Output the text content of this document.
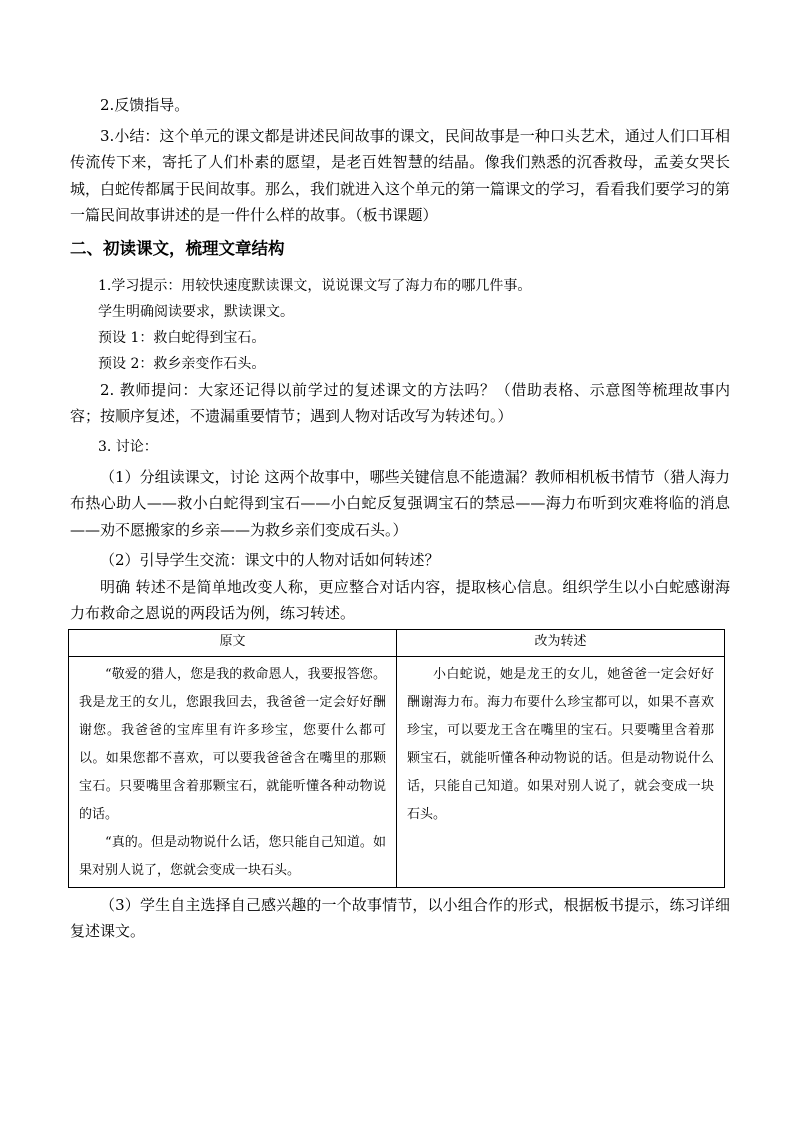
2.反馈指导。

3.小结：这个单元的课文都是讲述民间故事的课文，民间故事是一种口头艺术，通过人们口耳相传流传下来，寄托了人们朴素的愿望，是老百姓智慧的结晶。像我们熟悉的沉香救母，孟姜女哭长城，白蛇传都属于民间故事。那么，我们就进入这个单元的第一篇课文的学习，看看我们要学习的第一篇民间故事讲述的是一件什么样的故事。（板书课题）

二、初读课文，梳理文章结构

1.学习提示：用较快速度默读课文，说说课文写了海力布的哪几件事。

学生明确阅读要求，默读课文。

预设 1：救白蛇得到宝石。

预设 2：救乡亲变作石头。

2. 教师提问：大家还记得以前学过的复述课文的方法吗？（借助表格、示意图等梳理故事内容；按顺序复述，不遗漏重要情节；遇到人物对话改写为转述句。）

3. 讨论：

（1）分组读课文，讨论 这两个故事中，哪些关键信息不能遗漏？教师相机板书情节（猎人海力布热心助人——救小白蛇得到宝石——小白蛇反复强调宝石的禁忌——海力布听到灾难将临的消息——劝不愿搬家的乡亲——为救乡亲们变成石头。）

（2）引导学生交流：课文中的人物对话如何转述？

明确 转述不是简单地改变人称，更应整合对话内容，提取核心信息。组织学生以小白蛇感谢海力布救命之恩说的两段话为例，练习转述。

原文	改为转述

“敬爱的猎人，您是我的救命恩人，我要报答您。我是龙王的女儿，您跟我回去，我爸爸一定会好好酬谢您。我爸爸的宝库里有许多珍宝，您要什么都可以。如果您都不喜欢，可以要我爸爸含在嘴里的那颗宝石。只要嘴里含着那颗宝石，就能听懂各种动物说的话。

“真的。但是动物说什么话，您只能自己知道。如果对别人说了，您就会变成一块石头。	小白蛇说，她是龙王的女儿，她爸爸一定会好好酬谢海力布。海力布要什么珍宝都可以，如果不喜欢珍宝，可以要龙王含在嘴里的宝石。只要嘴里含着那颗宝石，就能听懂各种动物说的话。但是动物说什么话，只能自己知道。如果对别人说了，就会变成一块石头。

（3）学生自主选择自己感兴趣的一个故事情节，以小组合作的形式，根据板书提示，练习详细复述课文。
